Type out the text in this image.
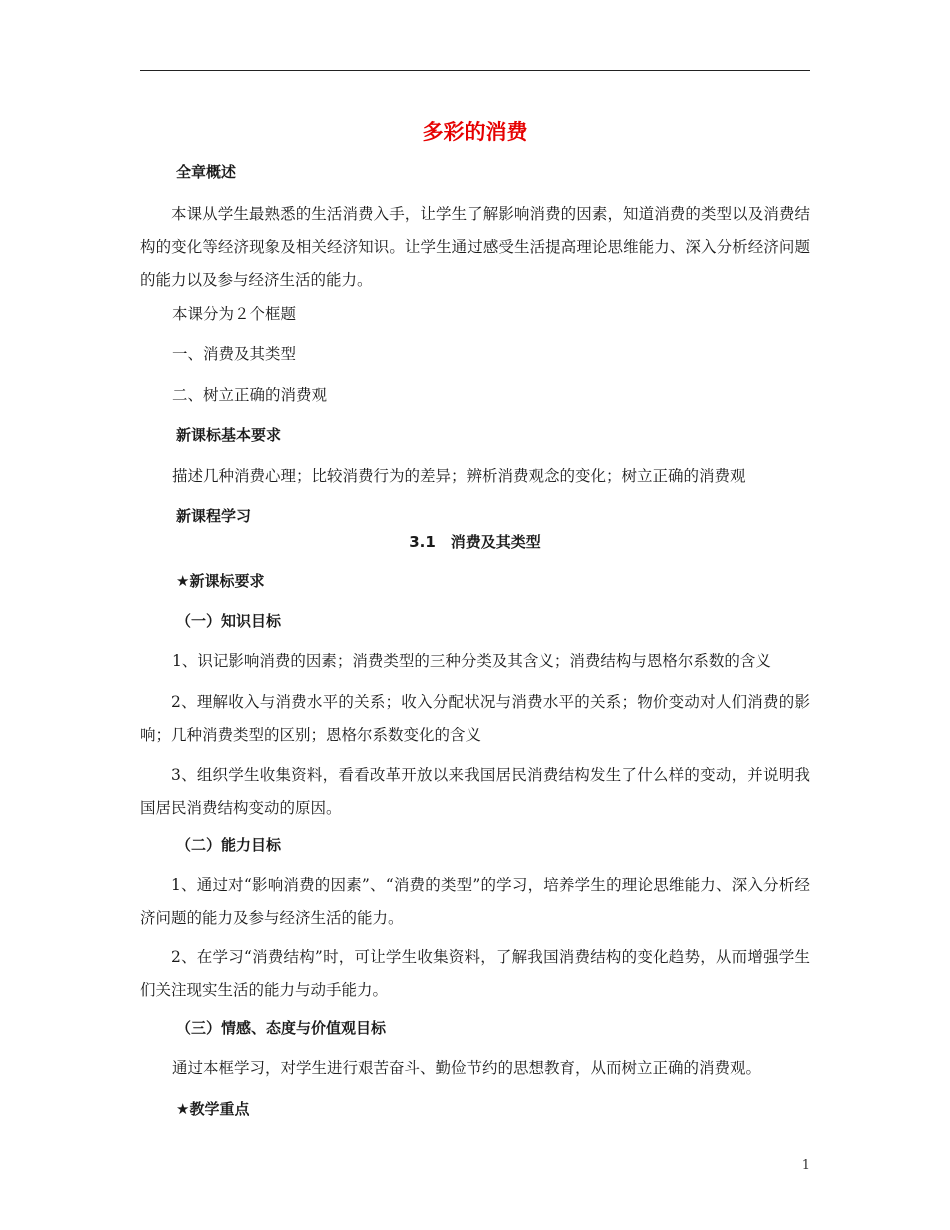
多彩的消费
全章概述
本课从学生最熟悉的生活消费入手，让学生了解影响消费的因素，知道消费的类型以及消费结构的变化等经济现象及相关经济知识。让学生通过感受生活提高理论思维能力、深入分析经济问题的能力以及参与经济生活的能力。
本课分为２个框题
一、消费及其类型
二、树立正确的消费观
新课标基本要求
描述几种消费心理；比较消费行为的差异；辨析消费观念的变化；树立正确的消费观
新课程学习
3.1　消费及其类型
★新课标要求
（一）知识目标
1、识记影响消费的因素；消费类型的三种分类及其含义；消费结构与恩格尔系数的含义
2、理解收入与消费水平的关系；收入分配状况与消费水平的关系；物价变动对人们消费的影响；几种消费类型的区别；恩格尔系数变化的含义
3、组织学生收集资料，看看改革开放以来我国居民消费结构发生了什么样的变动，并说明我国居民消费结构变动的原因。
（二）能力目标
1、通过对“影响消费的因素”、“消费的类型”的学习，培养学生的理论思维能力、深入分析经济问题的能力及参与经济生活的能力。
2、在学习“消费结构”时，可让学生收集资料，了解我国消费结构的变化趋势，从而增强学生们关注现实生活的能力与动手能力。
（三）情感、态度与价值观目标
通过本框学习，对学生进行艰苦奋斗、勤俭节约的思想教育，从而树立正确的消费观。
★教学重点
1
